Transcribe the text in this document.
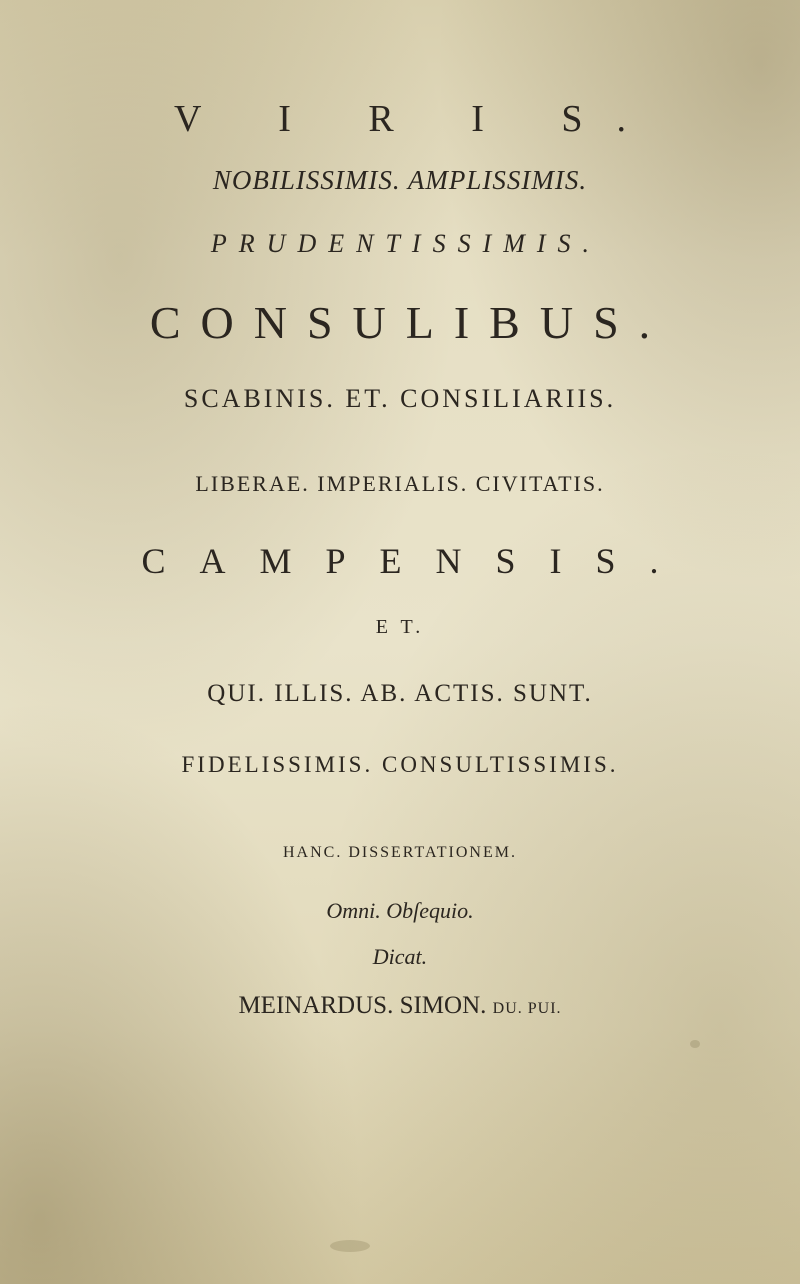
V I R I S.
NOBILISSIMIS. AMPLISSIMIS.
PRUDENTISSIMIS.
CONSULIBUS.
SCABINIS. ET. CONSILIARIIS.
LIBERAE. IMPERIALIS. CIVITATIS.
CAMPENSIS.
E T.
QUI. ILLIS. AB. ACTIS. SUNT.
FIDELISSIMIS. CONSULTISSIMIS.
HANC. DISSERTATIONEM.
Omni. Obſequio.
Dicat.
MEINARDUS. SIMON. DU. PUI.
